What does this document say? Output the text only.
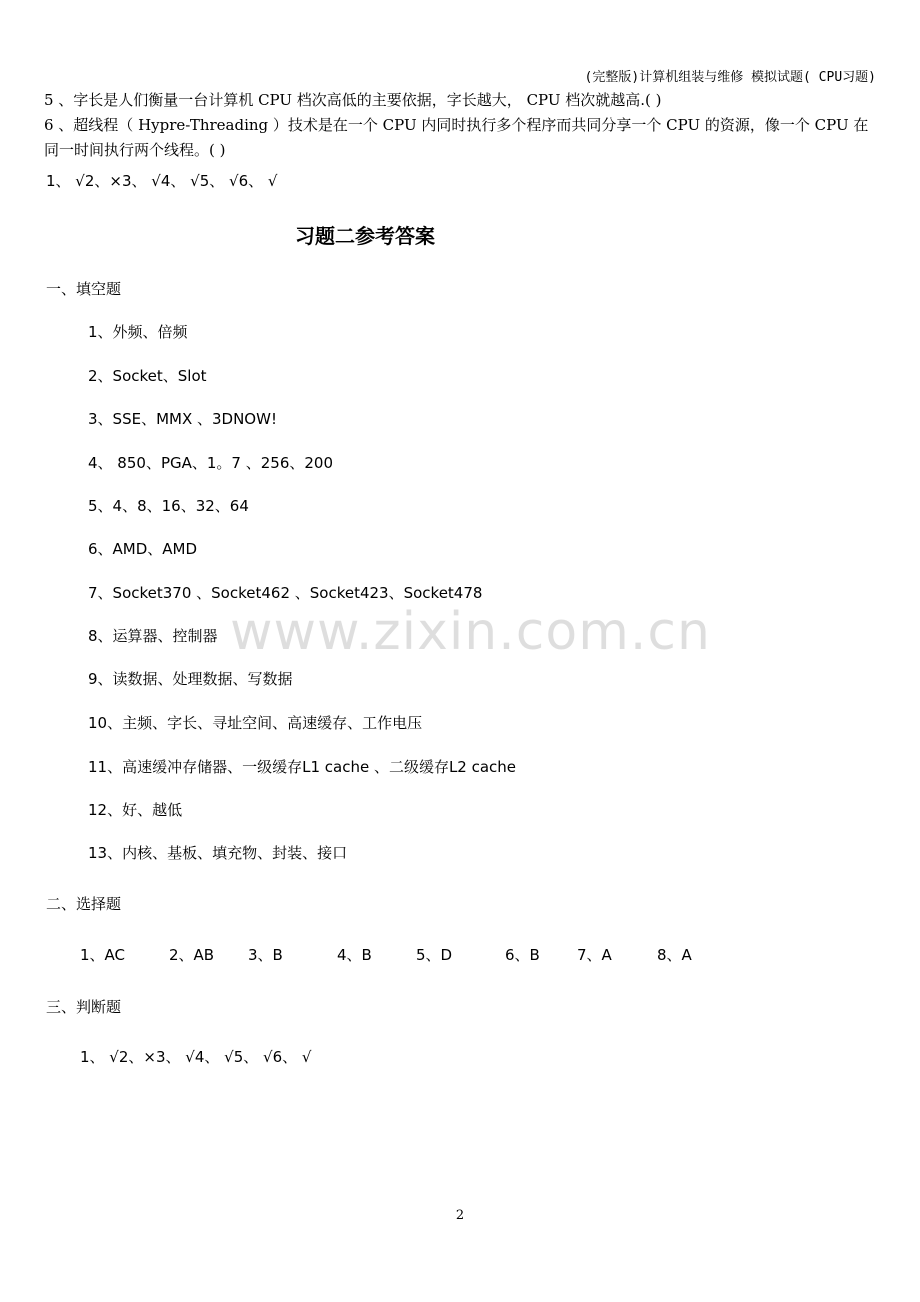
(完整版)计算机组装与维修 模拟试题( CPU习题)
5 、字长是人们衡量一台计算机 CPU 档次高低的主要依据，字长越大， CPU 档次就越高.( )
6 、超线程（ Hypre-Threading ）技术是在一个 CPU 内同时执行多个程序而共同分享一个 CPU 的资源，像一个 CPU 在同一时间执行两个线程。( )
1、 √2、×3、 √4、 √5、 √6、 √
习题二参考答案
一、填空题
1、外频、倍频
2、Socket、Slot
3、SSE、MMX 、3DNOW!
4、 850、PGA、1。7 、256、200
5、4、8、16、32、64
6、AMD、AMD
7、Socket370 、Socket462 、Socket423、Socket478
8、运算器、控制器
9、读数据、处理数据、写数据
10、主频、字长、寻址空间、高速缓存、工作电压
11、高速缓冲存储器、一级缓存L1 cache 、二级缓存L2 cache
12、好、越低
13、内核、基板、填充物、封装、接口
二、选择题
1、AC	2、AB 3、B	4、B	5、D	6、B 7、A	8、A
三、判断题
1、 √2、×3、 √4、 √5、 √6、 √
www.zixin.com.cn
2
